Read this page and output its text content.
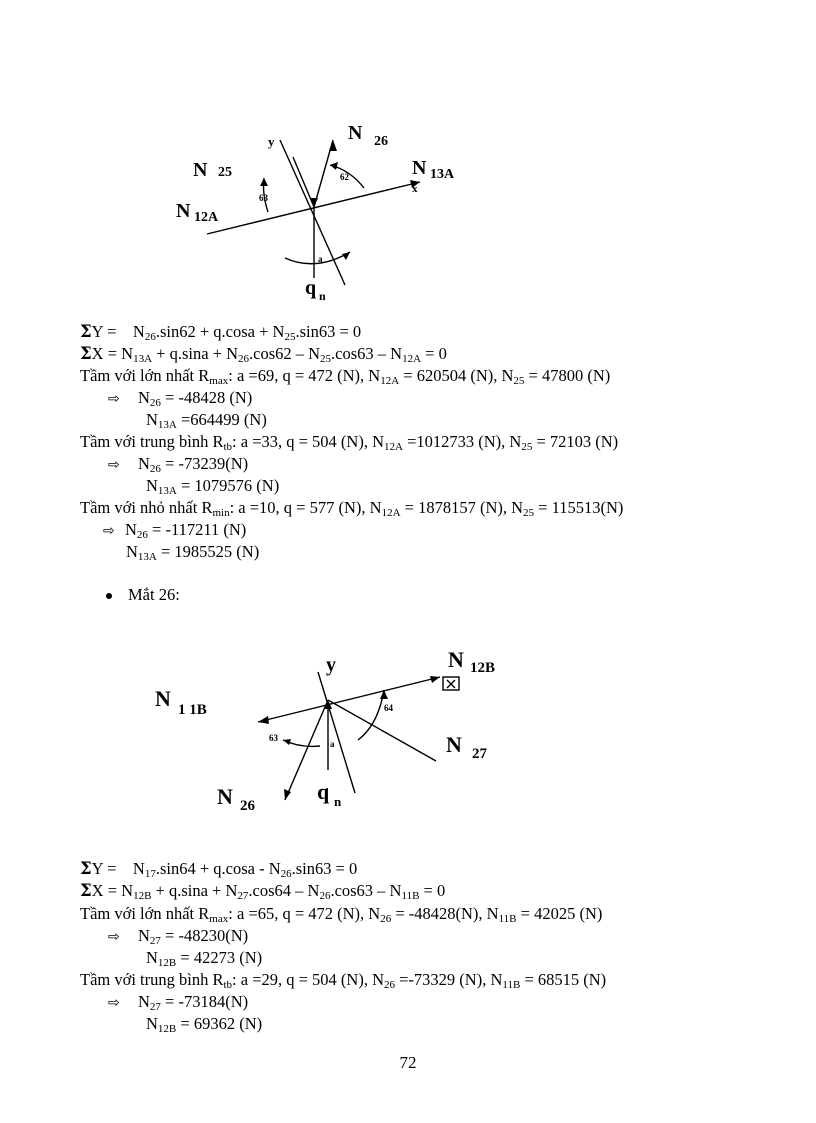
y	N 26
N 25	N 13A
x
N 12A
63
62
a
q n
ΣY =    $N_{26}.\sin 62 + q.\cos a + N_{25}.\sin 63 = 0$
$\Sigma X = N_{13A} + q.\sin a + N_{26}.\cos 62 - N_{25}.\cos 63 - N_{12A} = 0$
Tầm với lớn nhất $R_{max}$: a =69, q = 472 (N), $N_{12A} = 620504$ (N), $N_{25} = 47800$ (N)
⇨ $N_{26} = -48428$ (N)
$N_{13A} =664499$ (N)
Tầm với trung bình $R_{tb}$: a =33, q = 504 (N), $N_{12A} =1012733$ (N), $N_{25} = 72103$ (N)
⇨ $N_{26} = -73239(N)$
$N_{13A} = 1079576$ (N)
Tầm với nhỏ nhất $R_{min}$: a =10, q = 577 (N), $N_{12A} = 1878157$ (N), $N_{25} = 115513(N)$
⇨ $N_{26} = -117211$ (N)
$N_{13A} = 1985525$ (N)
Mắt 26:
y	N 12B
N 1 1B
N 27
N 26
q n
63
64
a
ΣY =    $N_{17}.\sin 64 + q.\cos a - N_{26}.\sin 63 = 0$
$\Sigma X = N_{12B} + q.\sin a + N_{27}.\cos 64 - N_{26}.\cos 63 - N_{11B} = 0$
Tầm với lớn nhất $R_{max}$: a =65, q = 472 (N), $N_{26} = -48428(N)$, $N_{11B} = 42025$ (N)
⇨ $N_{27} = -48230(N)$
$N_{12B} = 42273$ (N)
Tầm với trung bình $R_{tb}$: a =29, q = 504 (N), $N_{26} =-73329$ (N), $N_{11B} = 68515$ (N)
⇨ $N_{27} = -73184(N)$
$N_{12B} = 69362$ (N)
72
